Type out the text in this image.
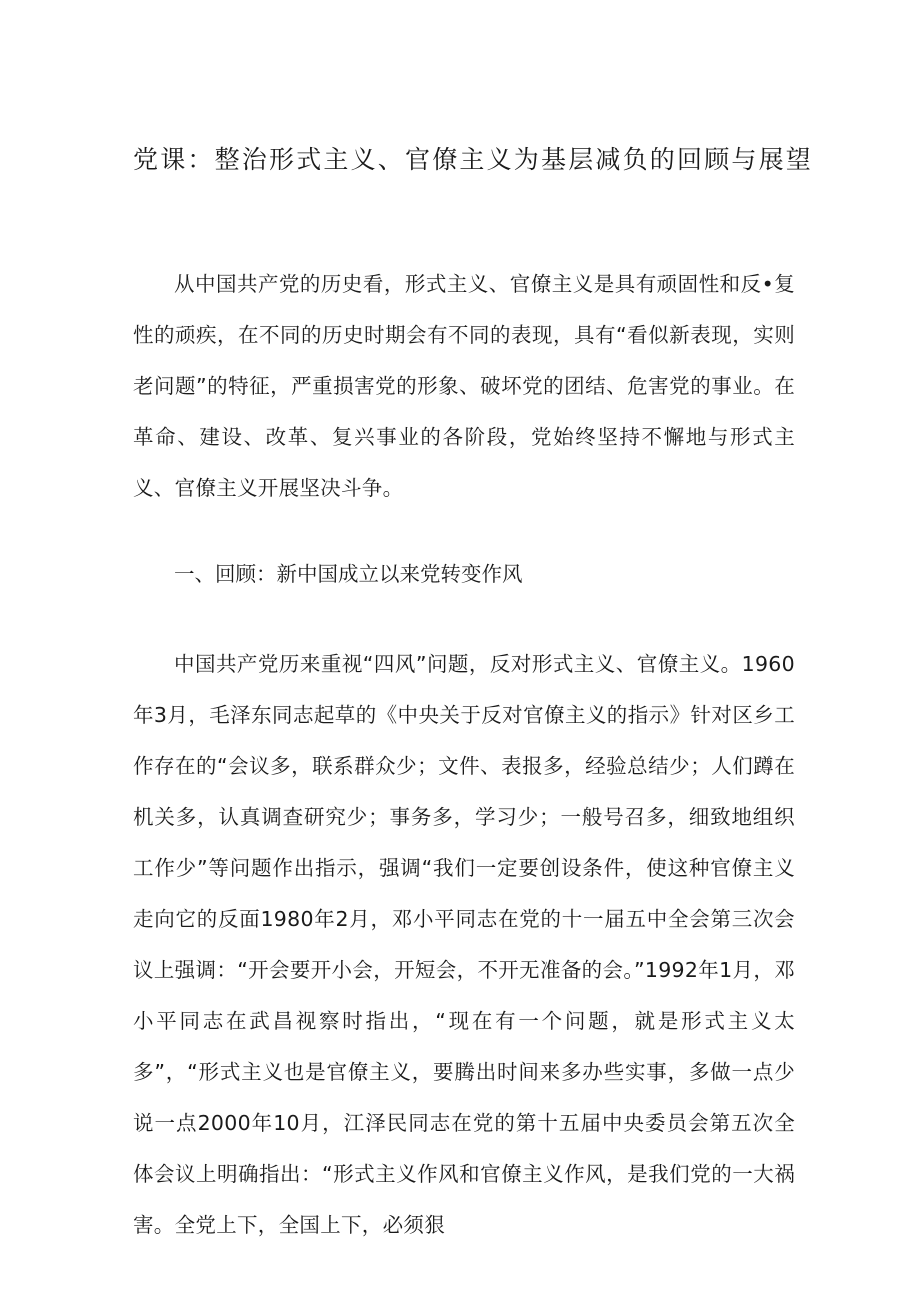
党课：整治形式主义、官僚主义为基层减负的回顾与展望

从中国共产党的历史看，形式主义、官僚主义是具有顽固性和反•复性的顽疾，在不同的历史时期会有不同的表现，具有“看似新表现，实则老问题”的特征，严重损害党的形象、破坏党的团结、危害党的事业。在革命、建设、改革、复兴事业的各阶段，党始终坚持不懈地与形式主义、官僚主义开展坚决斗争。

一、回顾：新中国成立以来党转变作风

中国共产党历来重视“四风”问题，反对形式主义、官僚主义。1960年3月，毛泽东同志起草的《中央关于反对官僚主义的指示》针对区乡工作存在的“会议多，联系群众少；文件、表报多，经验总结少；人们蹲在机关多，认真调查研究少；事务多，学习少；一般号召多，细致地组织工作少”等问题作出指示，强调“我们一定要创设条件，使这种官僚主义走向它的反面1980年2月，邓小平同志在党的十一届五中全会第三次会议上强调：“开会要开小会，开短会，不开无准备的会。”1992年1月，邓小平同志在武昌视察时指出，“现在有一个问题，就是形式主义太多”，“形式主义也是官僚主义，要腾出时间来多办些实事，多做一点少说一点2000年10月，江泽民同志在党的第十五届中央委员会第五次全体会议上明确指出：“形式主义作风和官僚主义作风，是我们党的一大祸害。全党上下，全国上下，必须狠
